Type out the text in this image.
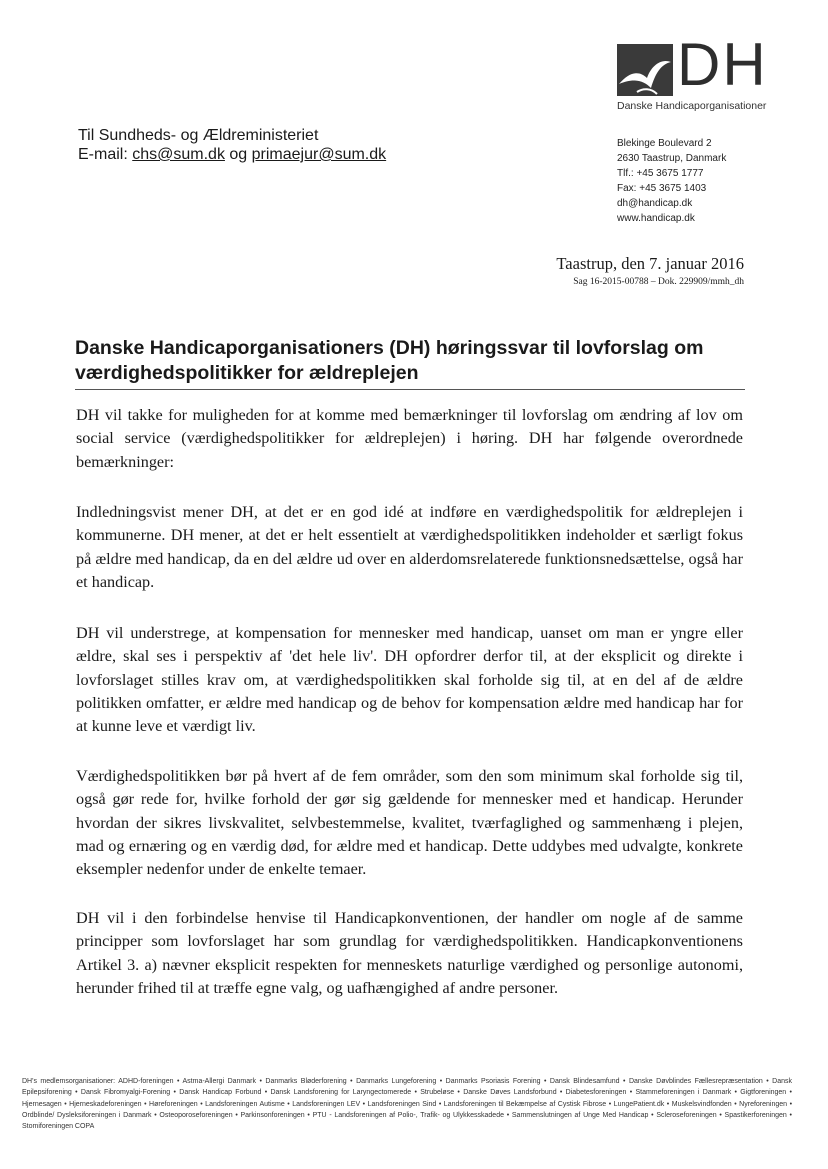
DH
Danske Handicaporganisationer
Til Sundheds- og Ældreministeriet
E-mail: chs@sum.dk og primaejur@sum.dk
Blekinge Boulevard 2
2630 Taastrup, Danmark
Tlf.: +45 3675 1777
Fax: +45 3675 1403
dh@handicap.dk
www.handicap.dk
Taastrup, den 7. januar 2016
Sag 16-2015-00788 – Dok. 229909/mmh_dh
Danske Handicaporganisationers (DH) høringssvar til lovforslag om værdighedspolitikker for ældreplejen
DH vil takke for muligheden for at komme med bemærkninger til lovforslag om ændring af lov om social service (værdighedspolitikker for ældreplejen) i høring. DH har følgende overordnede bemærkninger:
Indledningsvist mener DH, at det er en god idé at indføre en værdighedspolitik for ældreplejen i kommunerne. DH mener, at det er helt essentielt at værdighedspolitikken indeholder et særligt fokus på ældre med handicap, da en del ældre ud over en alderdomsrelaterede funktionsnedsættelse, også har et handicap.
DH vil understrege, at kompensation for mennesker med handicap, uanset om man er yngre eller ældre, skal ses i perspektiv af 'det hele liv'. DH opfordrer derfor til, at der eksplicit og direkte i lovforslaget stilles krav om, at værdighedspolitikken skal forholde sig til, at en del af de ældre politikken omfatter, er ældre med handicap og de behov for kompensation ældre med handicap har for at kunne leve et værdigt liv.
Værdighedspolitikken bør på hvert af de fem områder, som den som minimum skal forholde sig til, også gør rede for, hvilke forhold der gør sig gældende for mennesker med et handicap. Herunder hvordan der sikres livskvalitet, selvbestemmelse, kvalitet, tværfaglighed og sammenhæng i plejen, mad og ernæring og en værdig død, for ældre med et handicap. Dette uddybes med udvalgte, konkrete eksempler nedenfor under de enkelte temaer.
DH vil i den forbindelse henvise til Handicapkonventionen, der handler om nogle af de samme principper som lovforslaget har som grundlag for værdighedspolitikken. Handicapkonventionens Artikel 3. a) nævner eksplicit respekten for menneskets naturlige værdighed og personlige autonomi, herunder frihed til at træffe egne valg, og uafhængighed af andre personer.
DH's medlemsorganisationer: ADHD-foreningen • Astma-Allergi Danmark • Danmarks Bløderforening • Danmarks Lungeforening • Danmarks Psoriasis Forening • Dansk Blindesamfund • Danske Døvblindes Fællesrepræsentation • Dansk Epilepsiforening • Dansk Fibromyalgi-Forening • Dansk Handicap Forbund • Dansk Landsforening for Laryngectomerede • Strubeløse • Danske Døves Landsforbund • Diabetesforeningen • Stammeforeningen i Danmark • Gigtforeningen • Hjernesagen • Hjerneskadeforeningen • Høreforeningen • Landsforeningen Autisme • Landsforeningen LEV • Landsforeningen Sind • Landsforeningen til Bekæmpelse af Cystisk Fibrose • LungePatient.dk • Muskelsvindfonden • Nyreforeningen • Ordblinde/ Dysleksiforeningen i Danmark • Osteoporoseforeningen • Parkinsonforeningen • PTU - Landsforeningen af Polio-, Trafik- og Ulykkesskadede • Sammenslutningen af Unge Med Handicap • Scleroseforeningen • Spastikerforeningen • Stomiforeningen COPA
